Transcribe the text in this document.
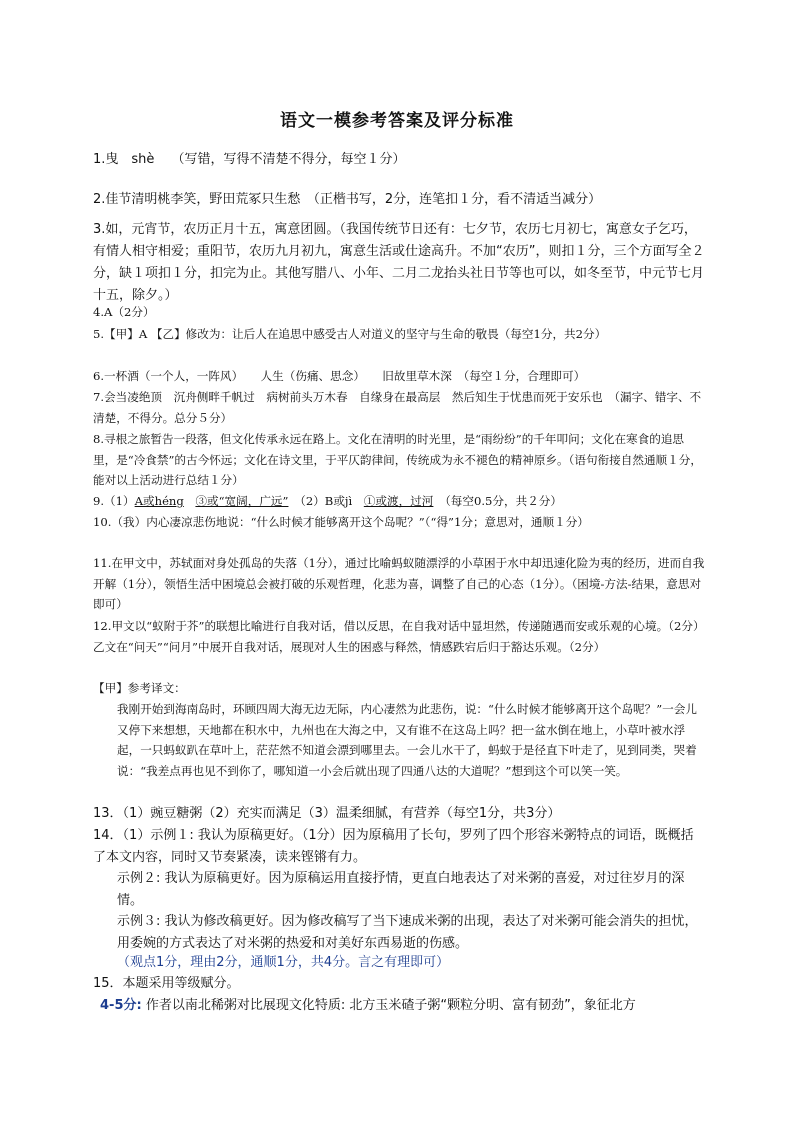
语文一模参考答案及评分标准
1.曳　shè　 （写错，写得不清楚不得分，每空１分）
2.佳节清明桃李笑，野田荒冢只生愁　（正楷书写，2分，连笔扣１分，看不清适当减分）
3.如，元宵节，农历正月十五，寓意团圆。（我国传统节日还有：七夕节，农历七月初七，寓意女子乞巧，有情人相守相爱；重阳节，农历九月初九，寓意生活或仕途高升。不加“农历”，则扣１分，三个方面写全２分，缺１项扣１分，扣完为止。其他写腊八、小年、二月二龙抬头社日节等也可以，如冬至节，中元节七月十五，除夕。）
4.A（2分）
5.【甲】A 【乙】修改为：让后人在追思中感受古人对道义的坚守与生命的敬畏（每空1分，共2分）
6.一杯酒（一个人，一阵风）　　人生（伤痛、思念）　　旧故里草木深　（每空１分，合理即可）
7.会当凌绝顶　沉舟侧畔千帆过　病树前头万木春　自缘身在最高层　然后知生于忧患而死于安乐也　（漏字、错字、不清楚，不得分。总分５分）
8.寻根之旅暂告一段落，但文化传承永远在路上。文化在清明的时光里，是“雨纷纷”的千年叩问；文化在寒食的追思里，是“冷食禁”的古今怀远；文化在诗文里，于平仄韵律间，传统成为永不褪色的精神原乡。（语句衔接自然通顺１分，能对以上活动进行总结１分）
9.（1）A或héng　 ③或“宽阔，广远”　（2）B或jì　①或渡，过河　（每空0.5分，共２分）
10.（我）内心凄凉悲伤地说：“什么时候才能够离开这个岛呢？”（“得”1分；意思对，通顺１分）
11.在甲文中，苏轼面对身处孤岛的失落（1分），通过比喻蚂蚁随漂浮的小草困于水中却迅速化险为夷的经历，进而自我开解（1分），领悟生活中困境总会被打破的乐观哲理，化悲为喜，调整了自己的心态（1分）。（困境-方法-结果，意思对即可）
12.甲文以“蚁附于芥”的联想比喻进行自我对话，借以反思，在自我对话中显坦然，传递随遇而安或乐观的心境。（2分）乙文在“问天”“问月”中展开自我对话，展现对人生的困惑与释然，情感跌宕后归于豁达乐观。（2分）
【甲】参考译文：
我刚开始到海南岛时，环顾四周大海无边无际，内心凄然为此悲伤，说：“什么时候才能够离开这个岛呢？”一会儿又停下来想想，天地都在积水中，九州也在大海之中，又有谁不在这岛上吗？把一盆水倒在地上，小草叶被水浮起，一只蚂蚁趴在草叶上，茫茫然不知道会漂到哪里去。一会儿水干了，蚂蚁于是径直下叶走了，见到同类，哭着说：“我差点再也见不到你了，哪知道一小会后就出现了四通八达的大道呢？”想到这个可以笑一笑。
13．（1）豌豆糖粥（2）充实而满足（3）温柔细腻，有营养（每空1分，共3分）
14．（1）示例１: 我认为原稿更好。（1分）因为原稿用了长句，罗列了四个形容米粥特点的词语，既概括了本文内容，同时又节奏紧凑，读来铿锵有力。
示例２: 我认为原稿更好。因为原稿运用直接抒情，更直白地表达了对米粥的喜爱，对过往岁月的深情。
示例３: 我认为修改稿更好。因为修改稿写了当下速成米粥的出现，表达了对米粥可能会消失的担忧，用委婉的方式表达了对米粥的热爱和对美好东西易逝的伤感。
（观点1分，理由2分，通顺1分，共4分。言之有理即可）
15．本题采用等级赋分。
4-5分: 作者以南北稀粥对比展现文化特质: 北方玉米碴子粥“颗粒分明、富有韧劲”，象征北方
